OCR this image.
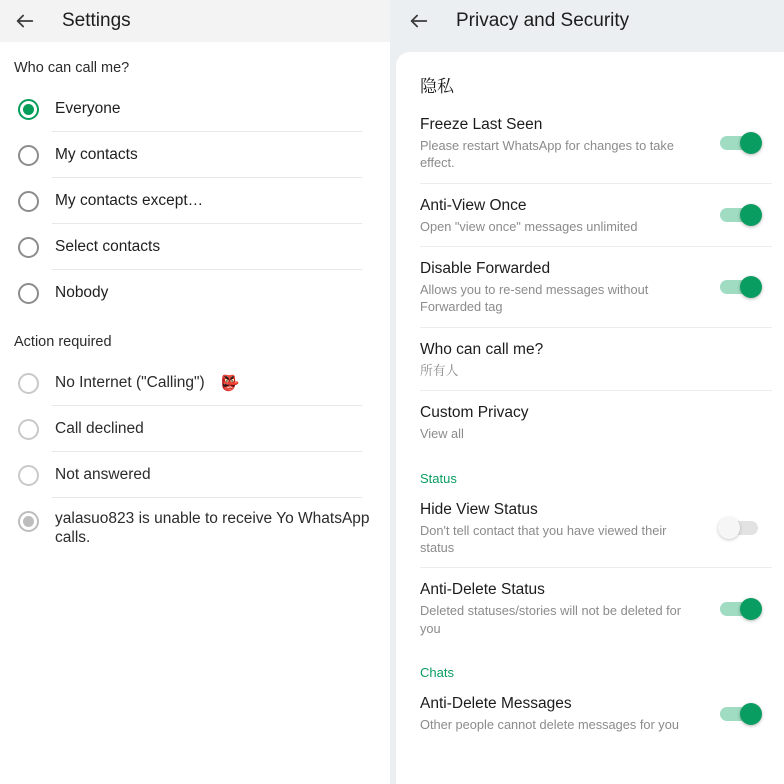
Settings
Who can call me?
Everyone
My contacts
My contacts except…
Select contacts
Nobody
Action required
No Internet ("Calling") 👺
Call declined
Not answered
yalasuo823 is unable to receive Yo WhatsApp calls.
Privacy and Security
隐私
Freeze Last Seen
Please restart WhatsApp for changes to take effect.
Anti-View Once
Open "view once" messages unlimited
Disable Forwarded
Allows you to re-send messages without Forwarded tag
Who can call me?
所有人
Custom Privacy
View all
Status
Hide View Status
Don't tell contact that you have viewed their status
Anti-Delete Status
Deleted statuses/stories will not be deleted for you
Chats
Anti-Delete Messages
Other people cannot delete messages for you
